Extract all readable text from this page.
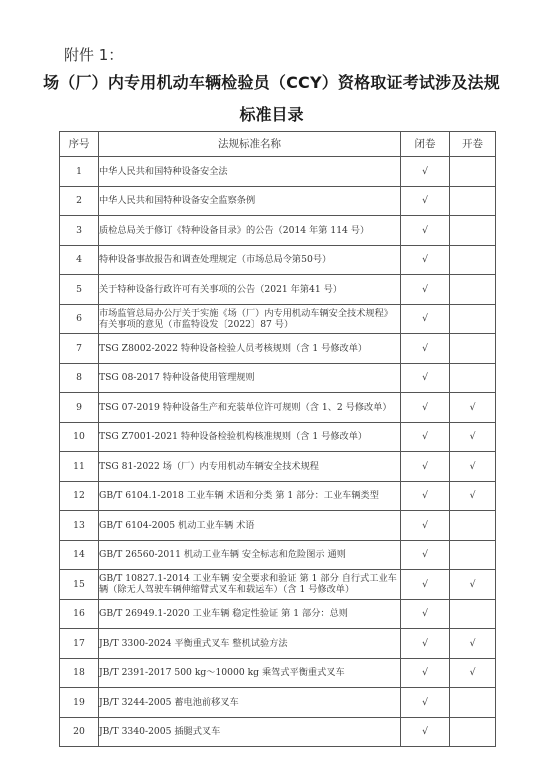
附件 1：
场（厂）内专用机动车辆检验员（CCY）资格取证考试涉及法规
标准目录
序号	法规标准名称	闭卷	开卷
1	中华人民共和国特种设备安全法	√	
2	中华人民共和国特种设备安全监察条例	√	
3	质检总局关于修订《特种设备目录》的公告（2014 年第 114 号）	√	
4	特种设备事故报告和调查处理规定（市场总局令第50号）	√	
5	关于特种设备行政许可有关事项的公告（2021 年第41 号）	√	
6	市场监管总局办公厅关于实施《场（厂）内专用机动车辆安全技术规程》有关事项的意见（市监特设发〔2022〕87 号）	√	
7	TSG Z8002-2022 特种设备检验人员考核规则（含 1 号修改单）	√	
8	TSG 08-2017 特种设备使用管理规则	√	
9	TSG 07-2019 特种设备生产和充装单位许可规则（含 1、2 号修改单）	√	√
10	TSG Z7001-2021 特种设备检验机构核准规则（含 1 号修改单）	√	√
11	TSG 81-2022 场（厂）内专用机动车辆安全技术规程	√	√
12	GB/T 6104.1-2018 工业车辆 术语和分类 第 1 部分：工业车辆类型	√	√
13	GB/T 6104-2005 机动工业车辆 术语	√	
14	GB/T 26560-2011 机动工业车辆 安全标志和危险图示 通则	√	
15	GB/T 10827.1-2014 工业车辆 安全要求和验证 第 1 部分 自行式工业车辆（除无人驾驶车辆伸缩臂式叉车和载运车）（含 1 号修改单）	√	√
16	GB/T 26949.1-2020 工业车辆 稳定性验证 第 1 部分：总则	√	
17	JB/T 3300-2024 平衡重式叉车 整机试验方法	√	√
18	JB/T 2391-2017 500 kg～10000 kg 乘驾式平衡重式叉车	√	√
19	JB/T 3244-2005 蓄电池前移叉车	√	
20	JB/T 3340-2005 插腿式叉车	√	
